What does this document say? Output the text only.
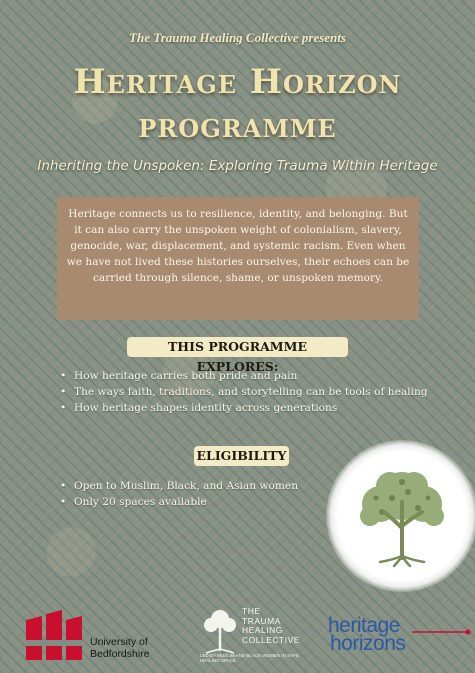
The Trauma Healing Collective presents
Heritage Horizon
programme
Inheriting the Unspoken: Exploring Trauma Within Heritage
Heritage connects us to resilience, identity, and belonging. But it can also carry the unspoken weight of colonialism, slavery, genocide, war, displacement, and systemic racism. Even when we have not lived these histories ourselves, their echoes can be carried through silence, shame, or unspoken memory.
THIS PROGRAMME EXPLORES:
• How heritage carries both pride and pain
• The ways faith, traditions, and storytelling can be tools of healing
• How heritage shapes identity across generations
ELIGIBILITY
• Open to Muslim, Black, and Asian women
• Only 20 spaces available
University of
Bedfordshire
THE
TRAUMA
HEALING
COLLECTIVE
LED BY MUSLIM AND BLACK WOMEN IN SAFE HEALING SPACE
heritage
horizons
